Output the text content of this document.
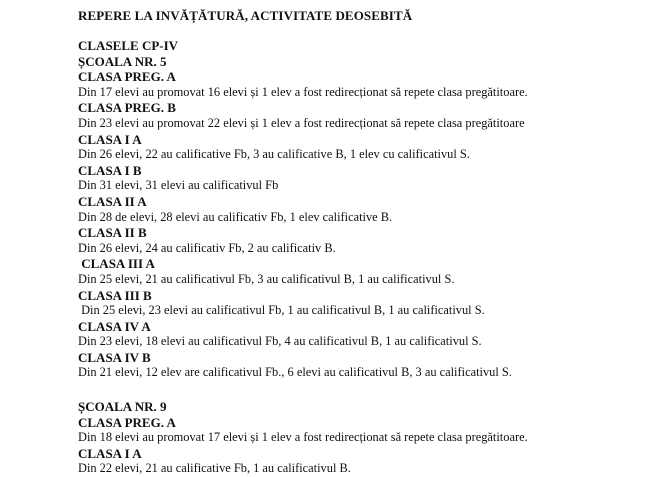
REPERE LA INVĂȚĂTURĂ, ACTIVITATE DEOSEBITĂ
CLASELE CP-IV
ȘCOALA NR. 5
CLASA PREG. A
Din 17 elevi au promovat 16 elevi și 1 elev a fost redirecționat să repete clasa pregătitoare.
CLASA PREG. B
Din 23 elevi au promovat 22 elevi și 1 elev a fost redirecționat să repete clasa pregătitoare
CLASA I A
Din 26 elevi, 22 au calificative Fb, 3 au calificative B, 1 elev cu calificativul S.
CLASA I B
Din 31 elevi, 31 elevi au calificativul Fb
CLASA II A
Din 28 de elevi, 28 elevi au calificativ Fb, 1 elev calificative B.
CLASA II B
Din 26 elevi, 24 au calificativ Fb, 2 au calificativ B.
CLASA III A
Din 25 elevi, 21 au calificativul Fb, 3 au calificativul B, 1 au calificativul S.
CLASA III B
Din 25 elevi, 23 elevi au calificativul Fb, 1 au calificativul B, 1 au calificativul S.
CLASA IV A
Din 23 elevi, 18 elevi au calificativul Fb, 4 au calificativul B, 1 au calificativul S.
CLASA IV B
Din 21 elevi, 12 elev are calificativul Fb., 6 elevi au calificativul B, 3 au calificativul S.
ȘCOALA NR. 9
CLASA PREG. A
Din 18 elevi au promovat 17 elevi și 1 elev a fost redirecționat să repete clasa pregătitoare.
CLASA I A
Din 22 elevi, 21 au calificative Fb, 1 au calificativul B.
